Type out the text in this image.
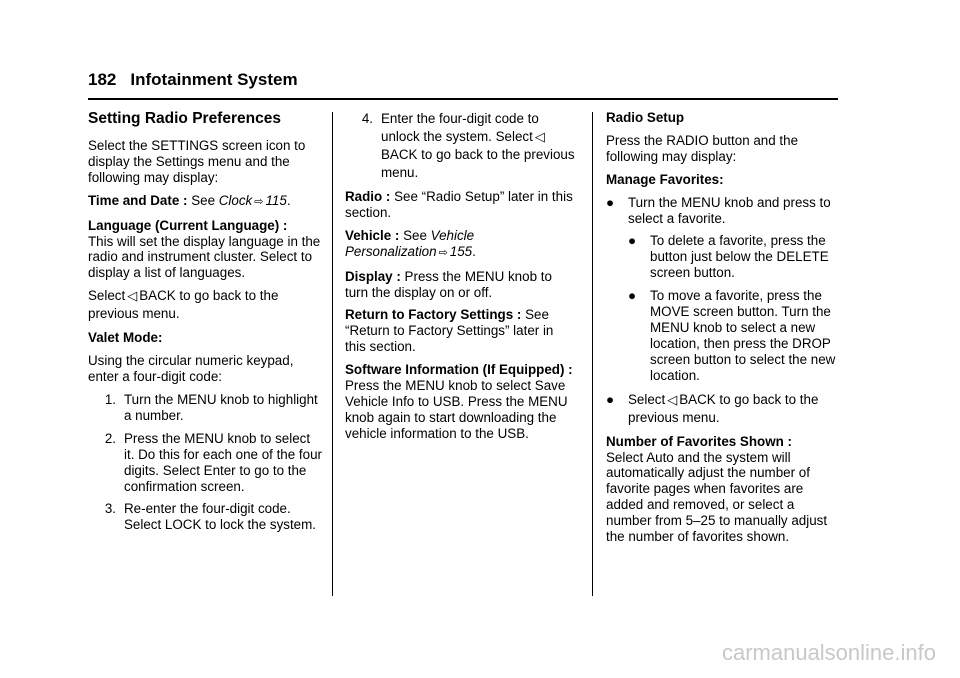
182 Infotainment System

Setting Radio Preferences

Select the SETTINGS screen icon to display the Settings menu and the following may display:

Time and Date : See Clock ⇨ 115.

Language (Current Language) :
This will set the display language in the radio and instrument cluster. Select to display a list of languages.

Select ◁ BACK to go back to the previous menu.

Valet Mode:

Using the circular numeric keypad, enter a four-digit code:

1. Turn the MENU knob to highlight a number.
2. Press the MENU knob to select it. Do this for each one of the four digits. Select Enter to go to the confirmation screen.
3. Re-enter the four-digit code. Select LOCK to lock the system.
4. Enter the four-digit code to unlock the system. Select ◁BACK to go back to the previous menu.

Radio : See “Radio Setup” later in this section.

Vehicle : See Vehicle Personalization ⇨ 155.

Display : Press the MENU knob to turn the display on or off.

Return to Factory Settings : See “Return to Factory Settings” later in this section.

Software Information (If Equipped) : Press the MENU knob to select Save Vehicle Info to USB. Press the MENU knob again to start downloading the vehicle information to the USB.

Radio Setup

Press the RADIO button and the following may display:

Manage Favorites:

●	Turn the MENU knob and press to select a favorite.
●	To delete a favorite, press the button just below the DELETE screen button.
●	To move a favorite, press the MOVE screen button. Turn the MENU knob to select a new location, then press the DROP screen button to select the new location.
●	Select ◁ BACK to go back to the previous menu.

Number of Favorites Shown :
Select Auto and the system will automatically adjust the number of favorite pages when favorites are added and removed, or select a number from 5–25 to manually adjust the number of favorites shown.

carmanualsonline.info
